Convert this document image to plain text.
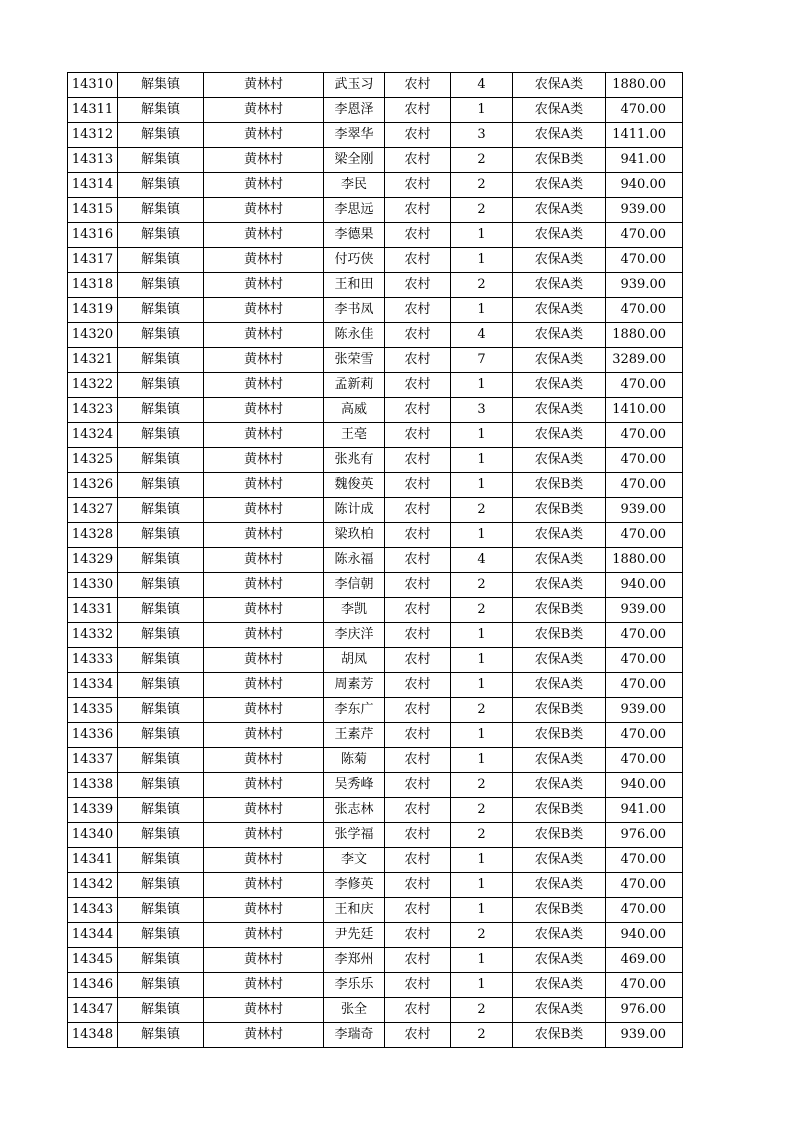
14310	解集镇	黄林村	武玉习	农村	4	农保A类	1880.00
14311	解集镇	黄林村	李恩泽	农村	1	农保A类	470.00
14312	解集镇	黄林村	李翠华	农村	3	农保A类	1411.00
14313	解集镇	黄林村	梁全刚	农村	2	农保B类	941.00
14314	解集镇	黄林村	李民	农村	2	农保A类	940.00
14315	解集镇	黄林村	李思远	农村	2	农保A类	939.00
14316	解集镇	黄林村	李德果	农村	1	农保A类	470.00
14317	解集镇	黄林村	付巧侠	农村	1	农保A类	470.00
14318	解集镇	黄林村	王和田	农村	2	农保A类	939.00
14319	解集镇	黄林村	李书凤	农村	1	农保A类	470.00
14320	解集镇	黄林村	陈永佳	农村	4	农保A类	1880.00
14321	解集镇	黄林村	张荣雪	农村	7	农保A类	3289.00
14322	解集镇	黄林村	孟新莉	农村	1	农保A类	470.00
14323	解集镇	黄林村	高威	农村	3	农保A类	1410.00
14324	解集镇	黄林村	王亳	农村	1	农保A类	470.00
14325	解集镇	黄林村	张兆有	农村	1	农保A类	470.00
14326	解集镇	黄林村	魏俊英	农村	1	农保B类	470.00
14327	解集镇	黄林村	陈计成	农村	2	农保B类	939.00
14328	解集镇	黄林村	梁玖柏	农村	1	农保A类	470.00
14329	解集镇	黄林村	陈永福	农村	4	农保A类	1880.00
14330	解集镇	黄林村	李信朝	农村	2	农保A类	940.00
14331	解集镇	黄林村	李凯	农村	2	农保B类	939.00
14332	解集镇	黄林村	李庆洋	农村	1	农保B类	470.00
14333	解集镇	黄林村	胡凤	农村	1	农保A类	470.00
14334	解集镇	黄林村	周素芳	农村	1	农保A类	470.00
14335	解集镇	黄林村	李东广	农村	2	农保B类	939.00
14336	解集镇	黄林村	王素芹	农村	1	农保B类	470.00
14337	解集镇	黄林村	陈菊	农村	1	农保A类	470.00
14338	解集镇	黄林村	吴秀峰	农村	2	农保A类	940.00
14339	解集镇	黄林村	张志林	农村	2	农保B类	941.00
14340	解集镇	黄林村	张学福	农村	2	农保B类	976.00
14341	解集镇	黄林村	李文	农村	1	农保A类	470.00
14342	解集镇	黄林村	李修英	农村	1	农保A类	470.00
14343	解集镇	黄林村	王和庆	农村	1	农保B类	470.00
14344	解集镇	黄林村	尹先廷	农村	2	农保A类	940.00
14345	解集镇	黄林村	李郑州	农村	1	农保A类	469.00
14346	解集镇	黄林村	李乐乐	农村	1	农保A类	470.00
14347	解集镇	黄林村	张全	农村	2	农保A类	976.00
14348	解集镇	黄林村	李瑞奇	农村	2	农保B类	939.00
